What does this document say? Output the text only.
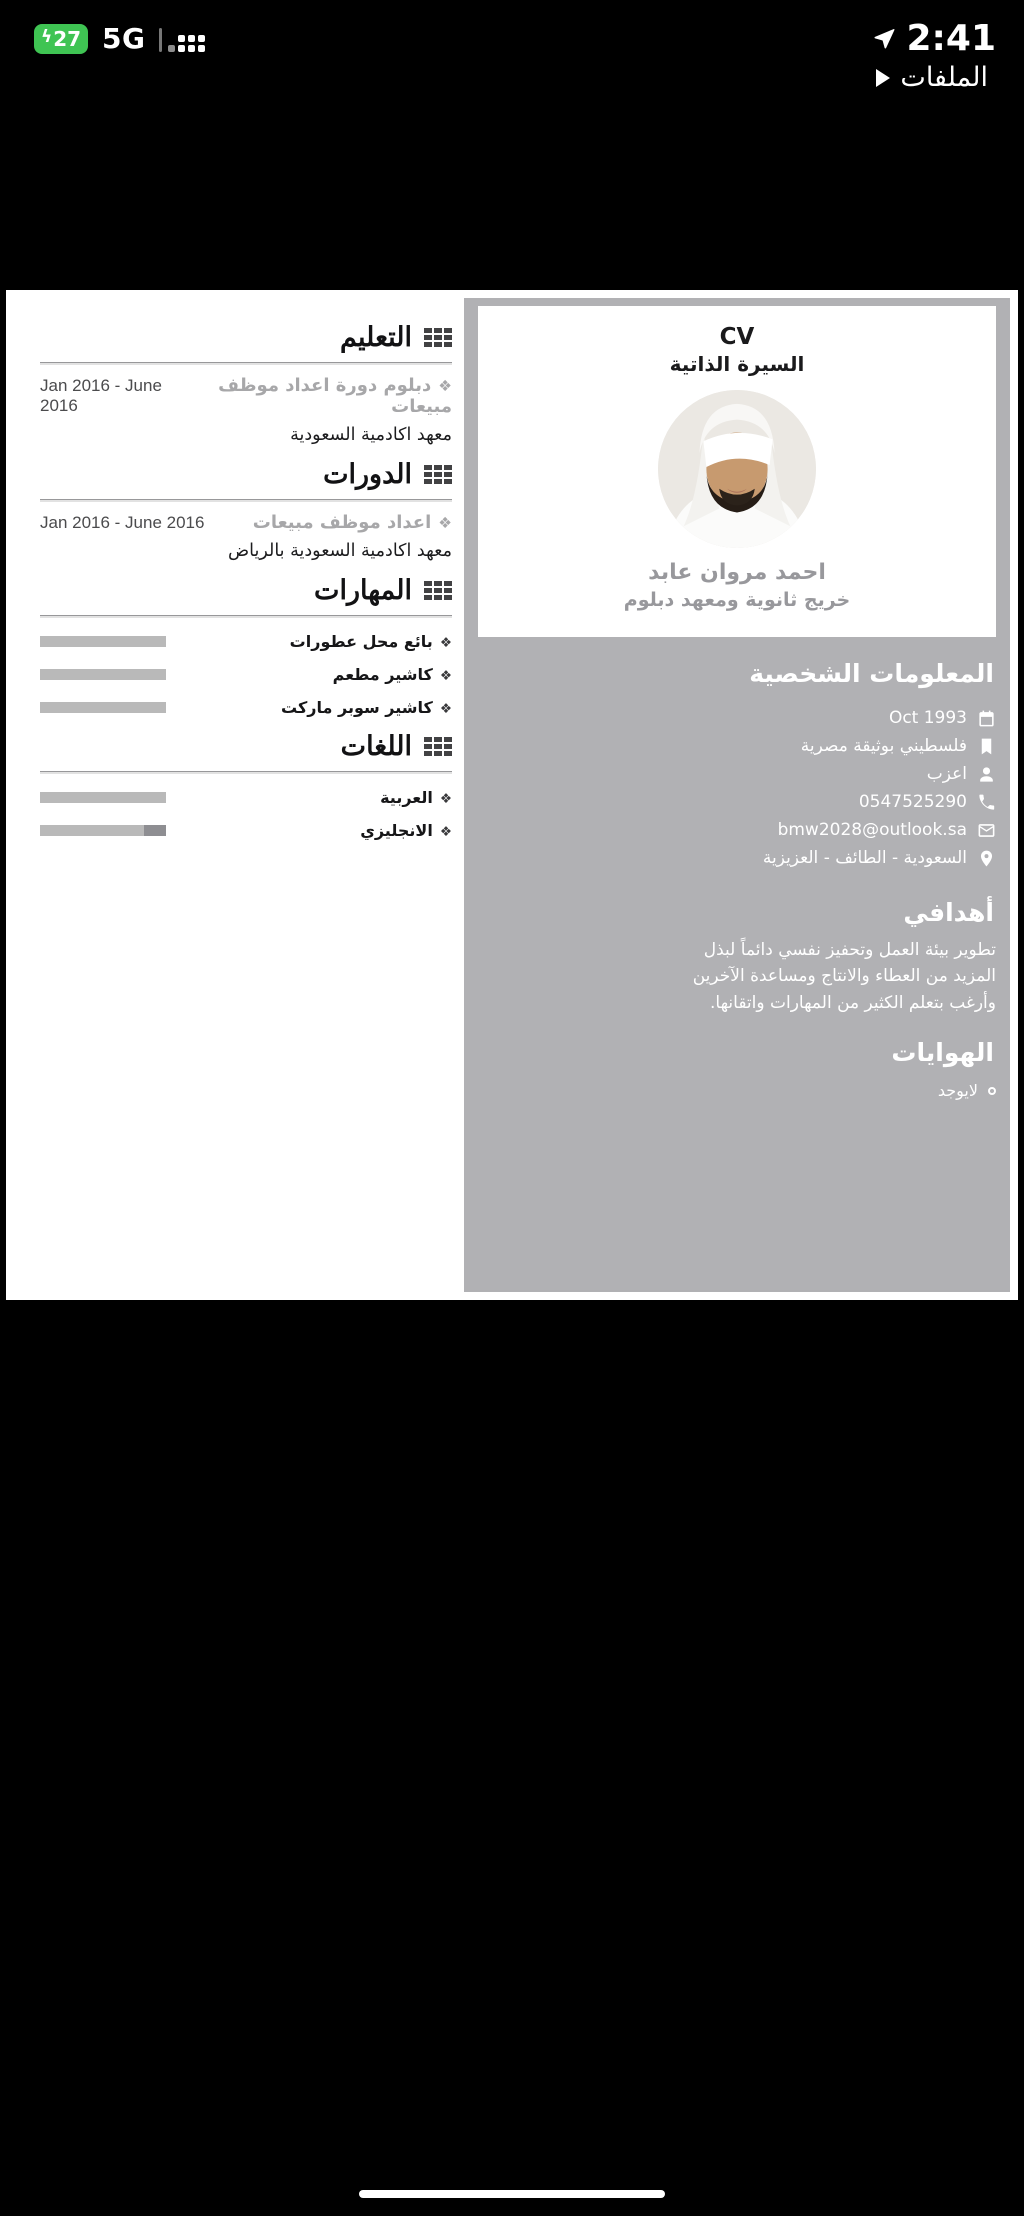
ϟ 27 5G	2:41
الملفات
CV
السيرة الذاتية
احمد مروان عابد
خريج ثانوية ومعهد دبلوم
المعلومات الشخصية
Oct 1993
فلسطيني بوثيقة مصرية
اعزب
0547525290
bmw2028@outlook.sa
السعودية - الطائف - العزيزية
أهدافي
تطوير بيئة العمل وتحفيز نفسي دائماً لبذل المزيد من العطاء والانتاج ومساعدة الآخرين وأرغب بتعلم الكثير من المهارات واتقانها.
الهوايات
لايوجد
التعليم
❖ دبلوم دورة اعداد موظف مبيعات
Jan 2016 - June 2016
معهد اكادمية السعودية
الدورات
❖ اعداد موظف مبيعات
Jan 2016 - June 2016
معهد اكادمية السعودية بالرياض
المهارات
❖ بائع محل عطورات
❖ كاشير مطعم
❖ كاشير سوبر ماركت
اللغات
❖ العربية
❖ الانجليزي
